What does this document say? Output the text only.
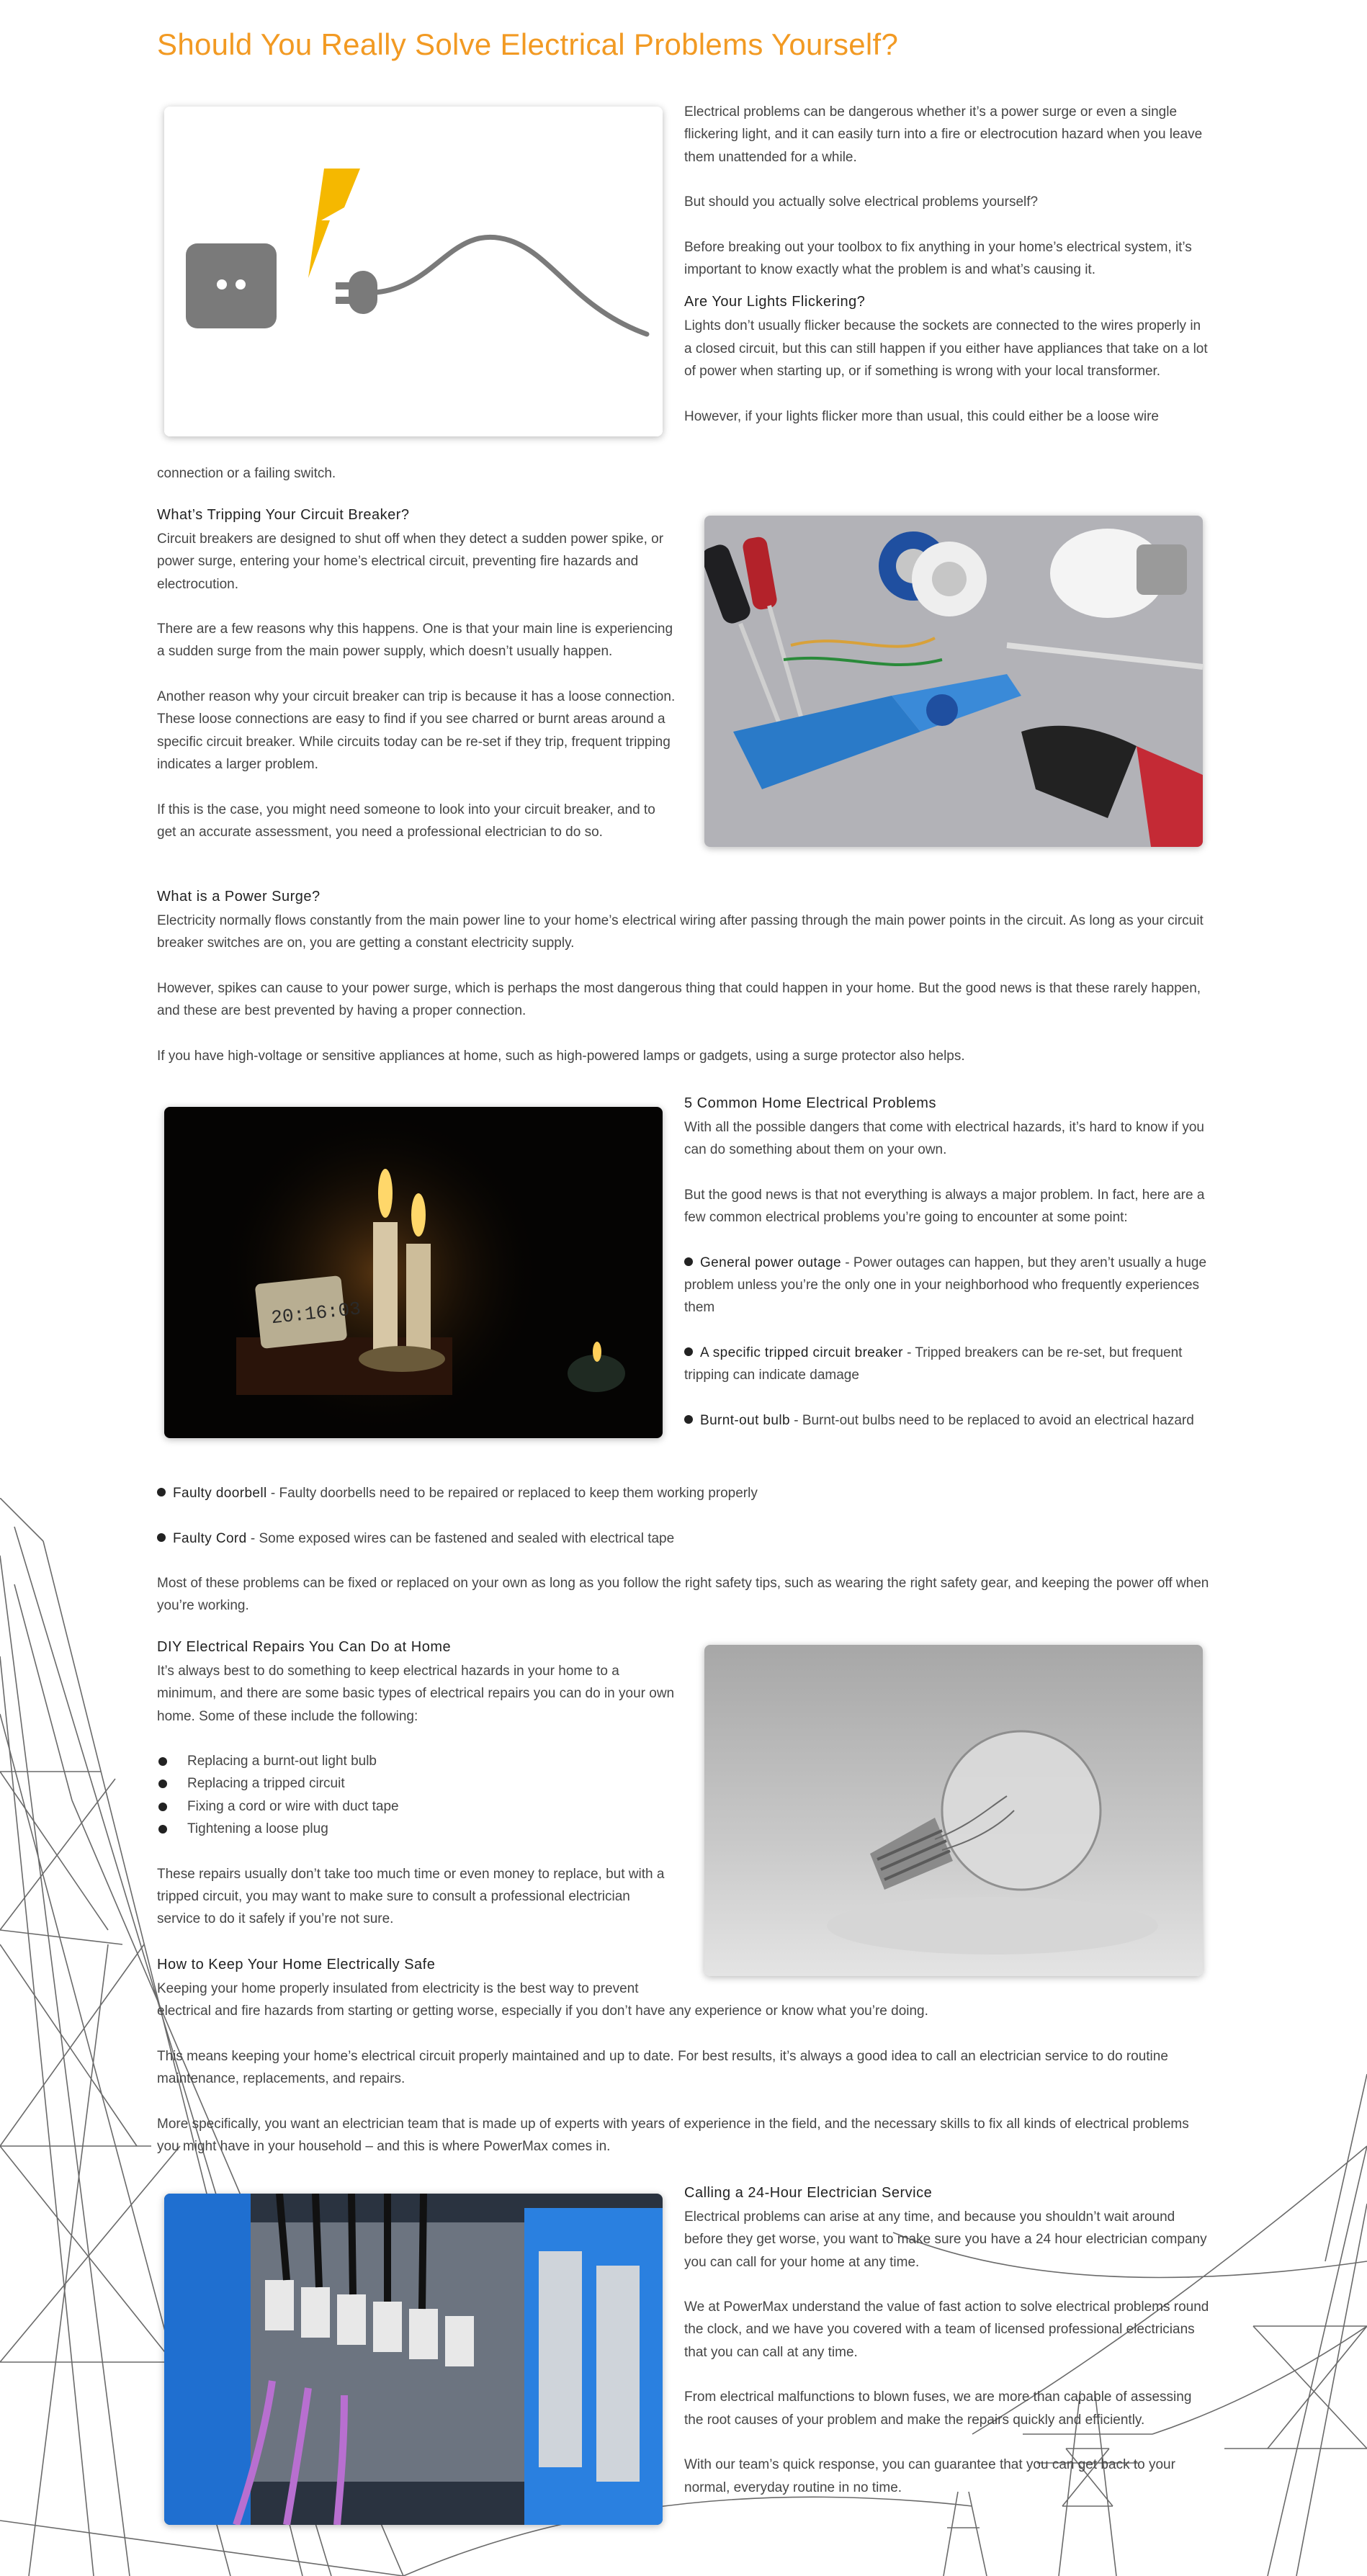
Should You Really Solve Electrical Problems Yourself?

Electrical problems can be dangerous whether it’s a power surge or even a single flickering light, and it can easily turn into a fire or electrocution hazard when you leave them unattended for a while.

But should you actually solve electrical problems yourself?

Before breaking out your toolbox to fix anything in your home’s electrical system, it’s important to know exactly what the problem is and what’s causing it.

Are Your Lights Flickering?

Lights don’t usually flicker because the sockets are connected to the wires properly in a closed circuit, but this can still happen if you either have appliances that take on a lot of power when starting up, or if something is wrong with your local transformer.

However, if your lights flicker more than usual, this could either be a loose wire

connection or a failing switch.

What’s Tripping Your Circuit Breaker?

Circuit breakers are designed to shut off when they detect a sudden power spike, or power surge, entering your home’s electrical circuit, preventing fire hazards and electrocution.

There are a few reasons why this happens. One is that your main line is experiencing a sudden surge from the main power supply, which doesn’t usually happen.

Another reason why your circuit breaker can trip is because it has a loose connection. These loose connections are easy to find if you see charred or burnt areas around a specific circuit breaker. While circuits today can be re-set if they trip, frequent tripping indicates a larger problem.

If this is the case, you might need someone to look into your circuit breaker, and to get an accurate assessment, you need a professional electrician to do so.

What is a Power Surge?

Electricity normally flows constantly from the main power line to your home’s electrical wiring after passing through the main power points in the circuit. As long as your circuit breaker switches are on, you are getting a constant electricity supply.

However, spikes can cause to your power surge, which is perhaps the most dangerous thing that could happen in your home. But the good news is that these rarely happen, and these are best prevented by having a proper connection.

If you have high-voltage or sensitive appliances at home, such as high-powered lamps or gadgets, using a surge protector also helps.

20:16:03
5 Common Home Electrical Problems

With all the possible dangers that come with electrical hazards, it’s hard to know if you can do something about them on your own.

But the good news is that not everything is always a major problem. In fact, here are a few common electrical problems you’re going to encounter at some point:

General power outage - Power outages can happen, but they aren’t usually a huge problem unless you’re the only one in your neighborhood who frequently experiences them

A specific tripped circuit breaker - Tripped breakers can be re-set, but frequent tripping can indicate damage

Burnt-out bulb - Burnt-out bulbs need to be replaced to avoid an electrical hazard

Faulty doorbell - Faulty doorbells need to be repaired or replaced to keep them working properly

Faulty Cord - Some exposed wires can be fastened and sealed with electrical tape

Most of these problems can be fixed or replaced on your own as long as you follow the right safety tips, such as wearing the right safety gear, and keeping the power off when you’re working.

DIY Electrical Repairs You Can Do at Home

It’s always best to do something to keep electrical hazards in your home to a minimum, and there are some basic types of electrical repairs you can do in your own home. Some of these include the following:

Replacing a burnt-out light bulb
Replacing a tripped circuit
Fixing a cord or wire with duct tape
Tightening a loose plug

These repairs usually don’t take too much time or even money to replace, but with a tripped circuit, you may want to make sure to consult a professional electrician service to do it safely if you’re not sure.

How to Keep Your Home Electrically Safe

Keeping your home properly insulated from electricity is the best way to prevent

electrical and fire hazards from starting or getting worse, especially if you don’t have any experience or know what you’re doing.

This means keeping your home’s electrical circuit properly maintained and up to date. For best results, it’s always a good idea to call an electrician service to do routine maintenance, replacements, and repairs.

More specifically, you want an electrician team that is made up of experts with years of experience in the field, and the necessary skills to fix all kinds of electrical problems you might have in your household – and this is where PowerMax comes in.

Calling a 24-Hour Electrician Service

Electrical problems can arise at any time, and because you shouldn’t wait around before they get worse, you want to make sure you have a 24 hour electrician company you can call for your home at any time.

We at PowerMax understand the value of fast action to solve electrical problems round the clock, and we have you covered with a team of licensed professional electricians that you can call at any time.

From electrical malfunctions to blown fuses, we are more than capable of assessing the root causes of your problem and make the repairs quickly and efficiently.

With our team’s quick response, you can guarantee that you can get back to your normal, everyday routine in no time.
